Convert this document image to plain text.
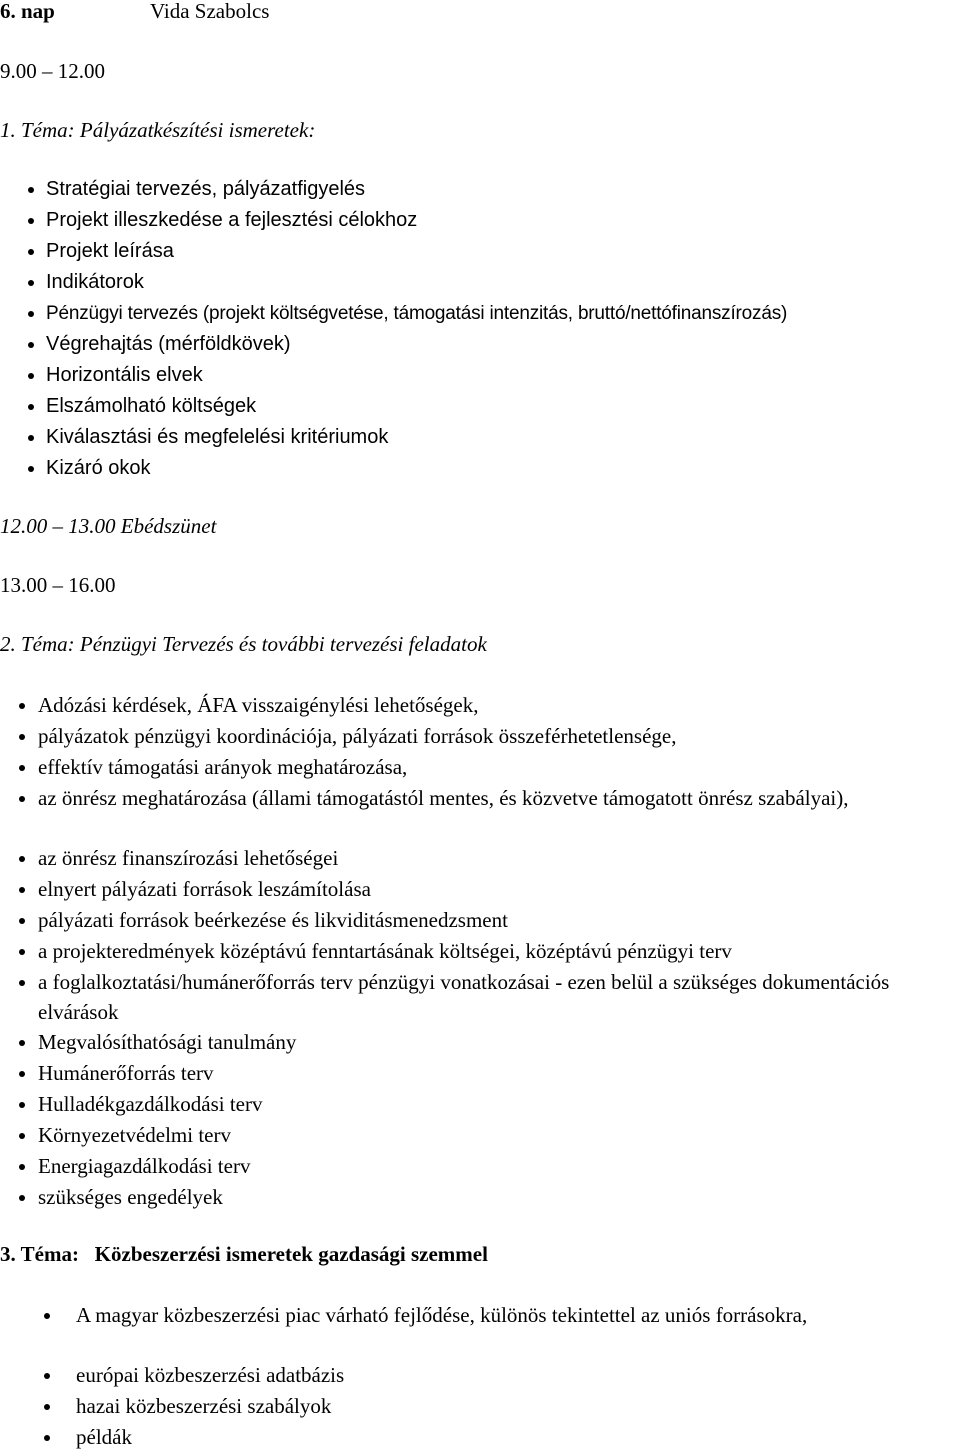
6. nap	Vida Szabolcs
9.00 – 12.00
1. Téma: Pályázatkészítési ismeretek:
Stratégiai tervezés, pályázatfigyelés
Projekt illeszkedése a fejlesztési célokhoz
Projekt leírása
Indikátorok
Pénzügyi tervezés (projekt költségvetése, támogatási intenzitás, bruttó/nettófinanszírozás)
Végrehajtás (mérföldkövek)
Horizontális elvek
Elszámolható költségek
Kiválasztási és megfelelési kritériumok
Kizáró okok
12.00 – 13.00 Ebédszünet
13.00 – 16.00
2. Téma: Pénzügyi Tervezés és további tervezési feladatok
Adózási kérdések, ÁFA visszaigénylési lehetőségek,
pályázatok pénzügyi koordinációja, pályázati források összeférhetetlensége,
effektív támogatási arányok meghatározása,
az önrész meghatározása (állami támogatástól mentes, és közvetve támogatott önrész szabályai),
az önrész finanszírozási lehetőségei
elnyert pályázati források leszámítolása
pályázati források beérkezése és likviditásmenedzsment
a projekteredmények középtávú fenntartásának költségei, középtávú pénzügyi terv
a foglalkoztatási/humánerőforrás terv pénzügyi vonatkozásai - ezen belül a szükséges dokumentációs elvárások
Megvalósíthatósági tanulmány
Humánerőforrás terv
Hulladékgazdálkodási terv
Környezetvédelmi terv
Energiagazdálkodási terv
szükséges engedélyek
3. Téma:   Közbeszerzési ismeretek gazdasági szemmel
A magyar közbeszerzési piac várható fejlődése, különös tekintettel az uniós forrásokra,
európai közbeszerzési adatbázis
hazai közbeszerzési szabályok
példák
